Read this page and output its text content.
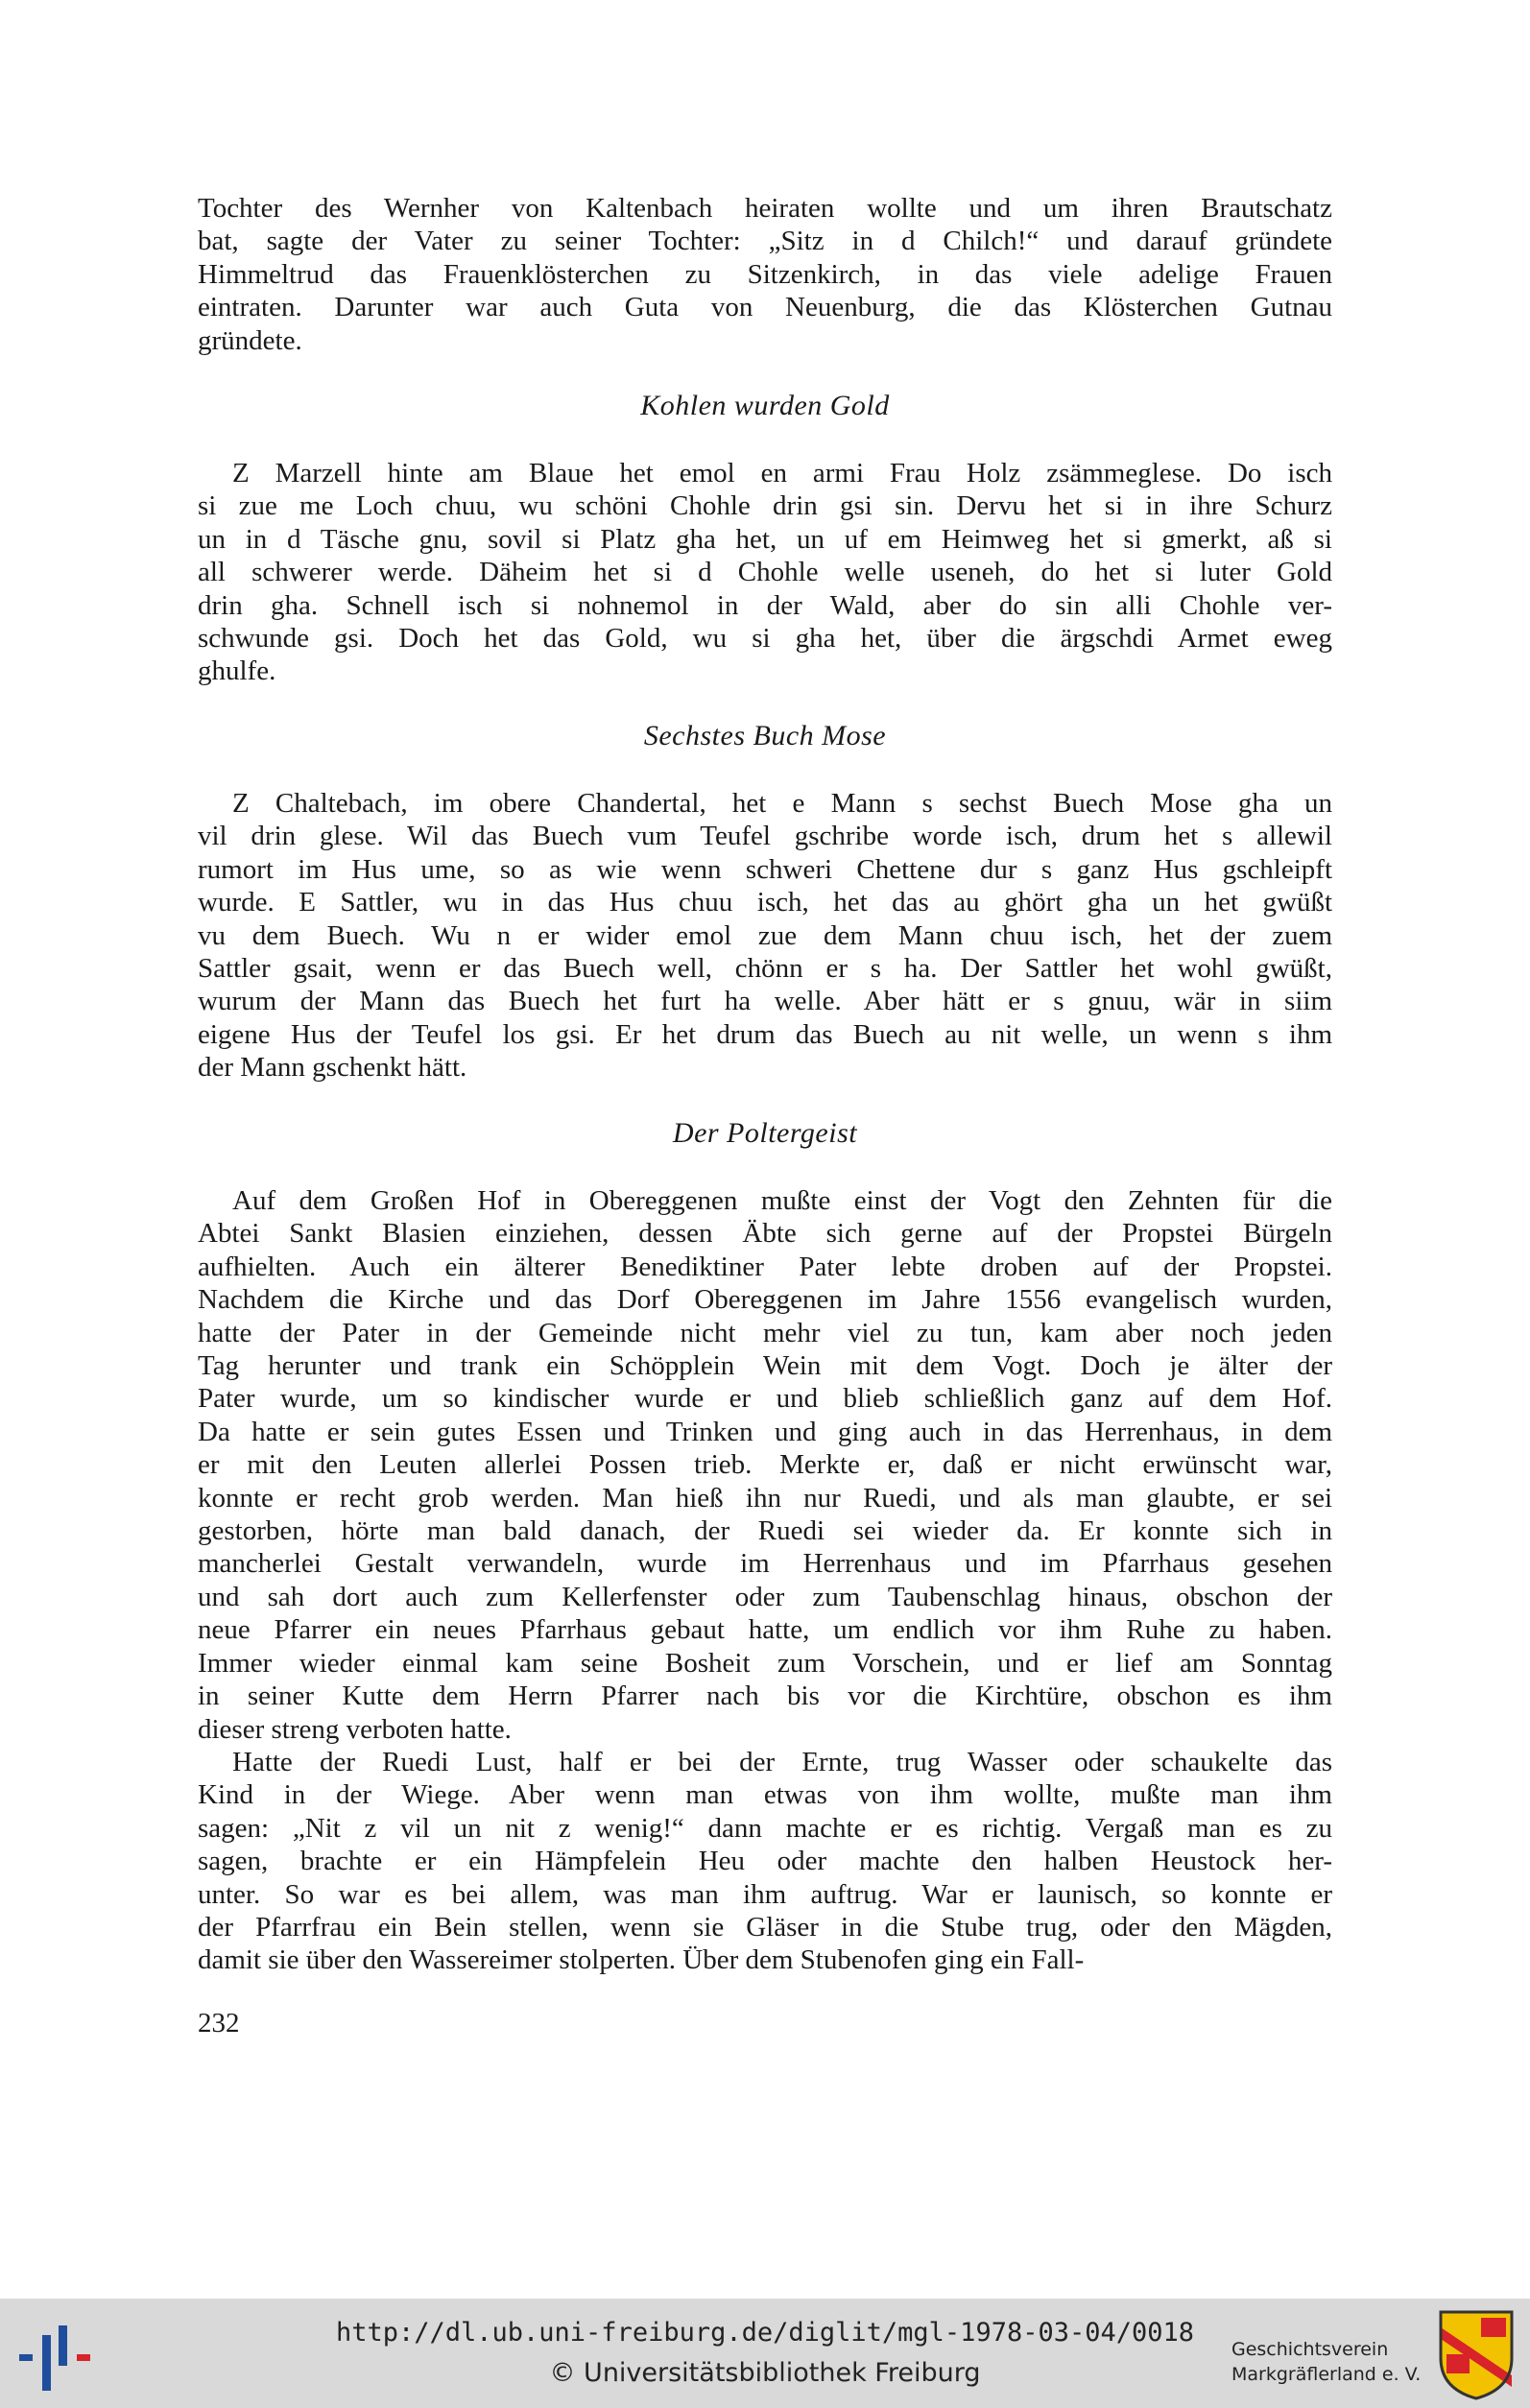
Tochter des Wernher von Kaltenbach heiraten wollte und um ihren Brautschatz
bat, sagte der Vater zu seiner Tochter: „Sitz in d Chilch!“ und darauf gründete
Himmeltrud das Frauenklösterchen zu Sitzenkirch, in das viele adelige Frauen
eintraten. Darunter war auch Guta von Neuenburg, die das Klösterchen Gutnau
gründete.

Kohlen wurden Gold

Z Marzell hinte am Blaue het emol en armi Frau Holz zsämmeglese. Do isch
si zue me Loch chuu, wu schöni Chohle drin gsi sin. Dervu het si in ihre Schurz
un in d Täsche gnu, sovil si Platz gha het, un uf em Heimweg het si gmerkt, aß si
all schwerer werde. Däheim het si d Chohle welle useneh, do het si luter Gold
drin gha. Schnell isch si nohnemol in der Wald, aber do sin alli Chohle ver-
schwunde gsi. Doch het das Gold, wu si gha het, über die ärgschdi Armet eweg
ghulfe.

Sechstes Buch Mose

Z Chaltebach, im obere Chandertal, het e Mann s sechst Buech Mose gha un
vil drin glese. Wil das Buech vum Teufel gschribe worde isch, drum het s allewil
rumort im Hus ume, so as wie wenn schweri Chettene dur s ganz Hus gschleipft
wurde. E Sattler, wu in das Hus chuu isch, het das au ghört gha un het gwüßt
vu dem Buech. Wu n er wider emol zue dem Mann chuu isch, het der zuem
Sattler gsait, wenn er das Buech well, chönn er s ha. Der Sattler het wohl gwüßt,
wurum der Mann das Buech het furt ha welle. Aber hätt er s gnuu, wär in siim
eigene Hus der Teufel los gsi. Er het drum das Buech au nit welle, un wenn s ihm
der Mann gschenkt hätt.

Der Poltergeist

Auf dem Großen Hof in Obereggenen mußte einst der Vogt den Zehnten für die
Abtei Sankt Blasien einziehen, dessen Äbte sich gerne auf der Propstei Bürgeln
aufhielten. Auch ein älterer Benediktiner Pater lebte droben auf der Propstei.
Nachdem die Kirche und das Dorf Obereggenen im Jahre 1556 evangelisch wurden,
hatte der Pater in der Gemeinde nicht mehr viel zu tun, kam aber noch jeden
Tag herunter und trank ein Schöpplein Wein mit dem Vogt. Doch je älter der
Pater wurde, um so kindischer wurde er und blieb schließlich ganz auf dem Hof.
Da hatte er sein gutes Essen und Trinken und ging auch in das Herrenhaus, in dem
er mit den Leuten allerlei Possen trieb. Merkte er, daß er nicht erwünscht war,
konnte er recht grob werden. Man hieß ihn nur Ruedi, und als man glaubte, er sei
gestorben, hörte man bald danach, der Ruedi sei wieder da. Er konnte sich in
mancherlei Gestalt verwandeln, wurde im Herrenhaus und im Pfarrhaus gesehen
und sah dort auch zum Kellerfenster oder zum Taubenschlag hinaus, obschon der
neue Pfarrer ein neues Pfarrhaus gebaut hatte, um endlich vor ihm Ruhe zu haben.
Immer wieder einmal kam seine Bosheit zum Vorschein, und er lief am Sonntag
in seiner Kutte dem Herrn Pfarrer nach bis vor die Kirchtüre, obschon es ihm
dieser streng verboten hatte.

Hatte der Ruedi Lust, half er bei der Ernte, trug Wasser oder schaukelte das
Kind in der Wiege. Aber wenn man etwas von ihm wollte, mußte man ihm
sagen: „Nit z vil un nit z wenig!“ dann machte er es richtig. Vergaß man es zu
sagen, brachte er ein Hämpfelein Heu oder machte den halben Heustock her-
unter. So war es bei allem, was man ihm auftrug. War er launisch, so konnte er
der Pfarrfrau ein Bein stellen, wenn sie Gläser in die Stube trug, oder den Mägden,
damit sie über den Wassereimer stolperten. Über dem Stubenofen ging ein Fall-

232
http://dl.ub.uni-freiburg.de/diglit/mgl-1978-03-04/0018
© Universitätsbibliothek Freiburg
Geschichtsverein
Markgräflerland e. V.
